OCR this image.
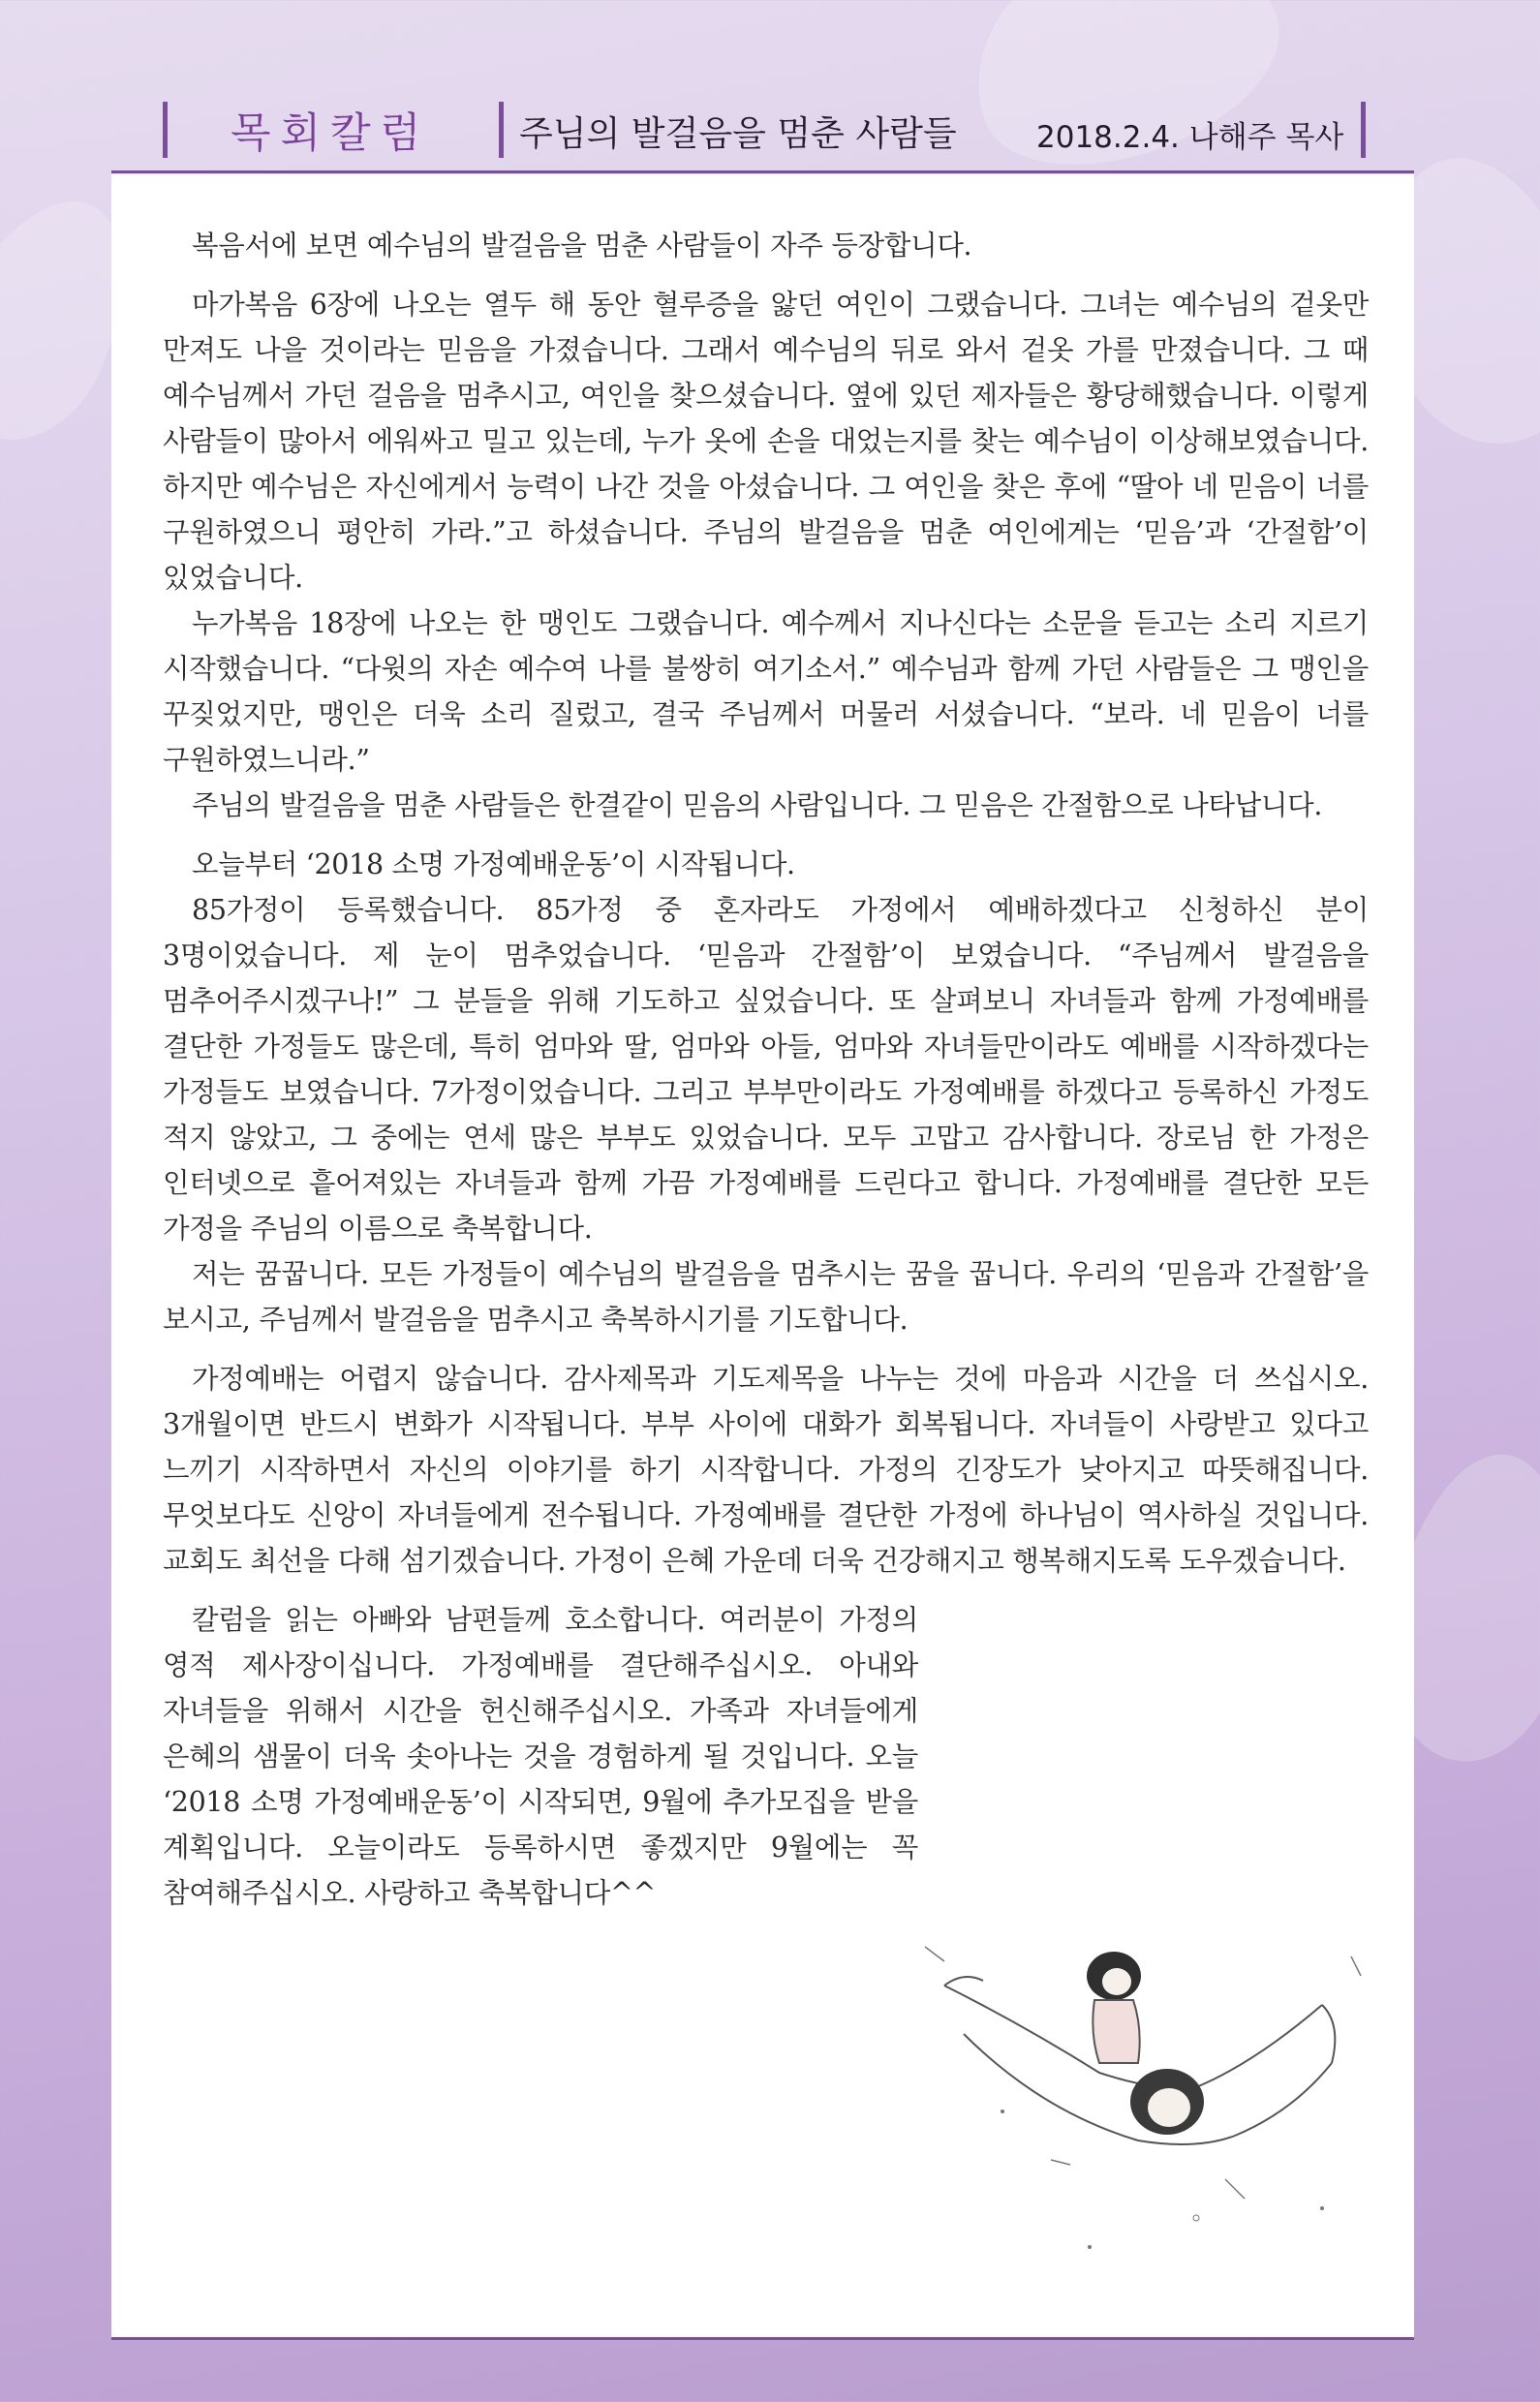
목회칼럼	주님의 발걸음을 멈춘 사람들	2018.2.4. 나해주 목사

복음서에 보면 예수님의 발걸음을 멈춘 사람들이 자주 등장합니다.

마가복음 6장에 나오는 열두 해 동안 혈루증을 앓던 여인이 그랬습니다. 그녀는 예수님의 겉옷만 만져도 나을 것이라는 믿음을 가졌습니다. 그래서 예수님의 뒤로 와서 겉옷 가를 만졌습니다. 그 때 예수님께서 가던 걸음을 멈추시고, 여인을 찾으셨습니다. 옆에 있던 제자들은 황당해했습니다. 이렇게 사람들이 많아서 에워싸고 밀고 있는데, 누가 옷에 손을 대었는지를 찾는 예수님이 이상해보였습니다. 하지만 예수님은 자신에게서 능력이 나간 것을 아셨습니다. 그 여인을 찾은 후에 “딸아 네 믿음이 너를 구원하였으니 평안히 가라.”고 하셨습니다. 주님의 발걸음을 멈춘 여인에게는 ‘믿음’과 ‘간절함’이 있었습니다.

누가복음 18장에 나오는 한 맹인도 그랬습니다. 예수께서 지나신다는 소문을 듣고는 소리 지르기 시작했습니다. “다윗의 자손 예수여 나를 불쌍히 여기소서.” 예수님과 함께 가던 사람들은 그 맹인을 꾸짖었지만, 맹인은 더욱 소리 질렀고, 결국 주님께서 머물러 서셨습니다. “보라. 네 믿음이 너를 구원하였느니라.”

주님의 발걸음을 멈춘 사람들은 한결같이 믿음의 사람입니다. 그 믿음은 간절함으로 나타납니다.

오늘부터 ‘2018 소명 가정예배운동’이 시작됩니다.

85가정이 등록했습니다. 85가정 중 혼자라도 가정에서 예배하겠다고 신청하신 분이 3명이었습니다. 제 눈이 멈추었습니다. ‘믿음과 간절함’이 보였습니다. “주님께서 발걸음을 멈추어주시겠구나!” 그 분들을 위해 기도하고 싶었습니다. 또 살펴보니 자녀들과 함께 가정예배를 결단한 가정들도 많은데, 특히 엄마와 딸, 엄마와 아들, 엄마와 자녀들만이라도 예배를 시작하겠다는 가정들도 보였습니다. 7가정이었습니다. 그리고 부부만이라도 가정예배를 하겠다고 등록하신 가정도 적지 않았고, 그 중에는 연세 많은 부부도 있었습니다. 모두 고맙고 감사합니다. 장로님 한 가정은 인터넷으로 흩어져있는 자녀들과 함께 가끔 가정예배를 드린다고 합니다. 가정예배를 결단한 모든 가정을 주님의 이름으로 축복합니다.

저는 꿈꿉니다. 모든 가정들이 예수님의 발걸음을 멈추시는 꿈을 꿉니다. 우리의 ‘믿음과 간절함’을 보시고, 주님께서 발걸음을 멈추시고 축복하시기를 기도합니다.

가정예배는 어렵지 않습니다. 감사제목과 기도제목을 나누는 것에 마음과 시간을 더 쓰십시오. 3개월이면 반드시 변화가 시작됩니다. 부부 사이에 대화가 회복됩니다. 자녀들이 사랑받고 있다고 느끼기 시작하면서 자신의 이야기를 하기 시작합니다. 가정의 긴장도가 낮아지고 따뜻해집니다. 무엇보다도 신앙이 자녀들에게 전수됩니다. 가정예배를 결단한 가정에 하나님이 역사하실 것입니다. 교회도 최선을 다해 섬기겠습니다. 가정이 은혜 가운데 더욱 건강해지고 행복해지도록 도우겠습니다.

칼럼을 읽는 아빠와 남편들께 호소합니다. 여러분이 가정의 영적 제사장이십니다. 가정예배를 결단해주십시오. 아내와 자녀들을 위해서 시간을 헌신해주십시오. 가족과 자녀들에게 은혜의 샘물이 더욱 솟아나는 것을 경험하게 될 것입니다. 오늘 ‘2018 소명 가정예배운동’이 시작되면, 9월에 추가모집을 받을 계획입니다. 오늘이라도 등록하시면 좋겠지만 9월에는 꼭 참여해주십시오. 사랑하고 축복합니다^^
